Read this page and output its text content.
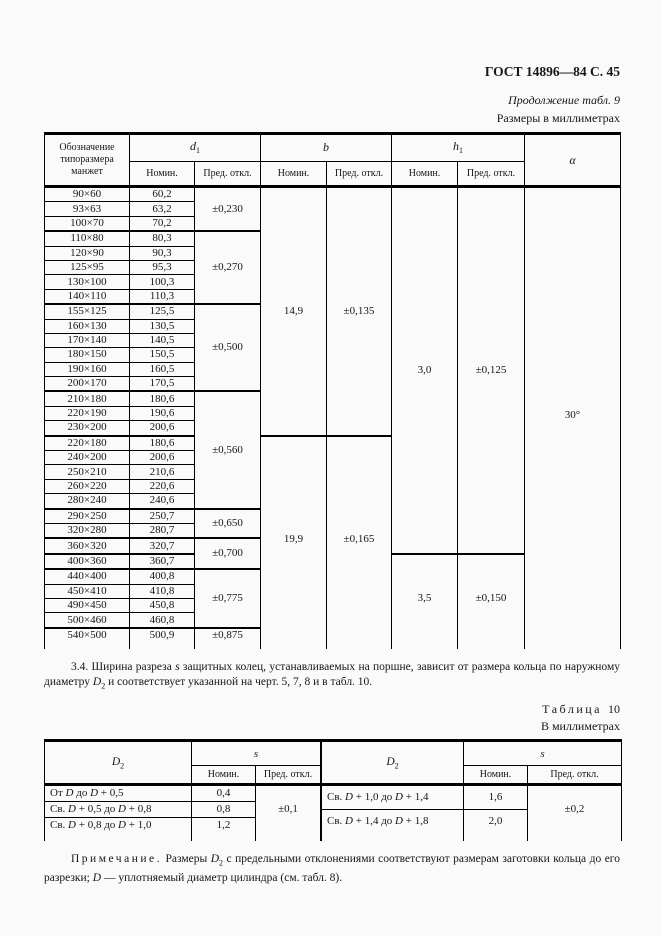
ГОСТ 14896—84 С. 45
Продолжение табл. 9
Размеры в миллиметрах
Обозначение типоразмера манжет	$d_1$		b		$h_1$		α
	Номин.	Пред. откл.	Номин.	Пред. откл.	Номин.	Пред. откл.	
90×60	60,2	±0,230	14,9	±0,135	3,0	±0,125	30°
93×63	63,2						
100×70	70,2						
110×80	80,3	±0,270					
120×90	90,3						
125×95	95,3						
130×100	100,3						
140×110	110,3						
155×125	125,5	±0,500					
160×130	130,5						
170×140	140,5						
180×150	150,5						
190×160	160,5						
200×170	170,5						
210×180	180,6	±0,560					
220×190	190,6						
230×200	200,6						
220×180	180,6		19,9	±0,165			
240×200	200,6						
250×210	210,6						
260×220	220,6						
280×240	240,6						
290×250	250,7	±0,650					
320×280	280,7						
360×320	320,7	±0,700					
400×360	360,7				3,5	±0,150	
440×400	400,8	±0,775					
450×410	410,8						
490×450	450,8						
500×460	460,8						
540×500	500,9	±0,875					

3.4. Ширина разреза s защитных колец, устанавливаемых на поршне, зависит от размера кольца по наружному диаметру $D_2$ и соответствует указанной на черт. 5, 7, 8 и в табл. 10.
Таблица 10
В миллиметрах
$D_2$	s	
	Номин.	Пред. откл.
От D до D + 0,5	0,4	±0,1
Св. D + 0,5 до D + 0,8	0,8	
Св. D + 0,8 до D + 1,0	1,2	

$D_2$	s	
	Номин.	Пред. откл.
Св. D + 1,0 до D + 1,4	1,6	±0,2
Св. D + 1,4 до D + 1,8	2,0	

Примечание. Размеры $D_2$ с предельными отклонениями соответствуют размерам заготовки кольца до его разрезки; D — уплотняемый диаметр цилиндра (см. табл. 8).
